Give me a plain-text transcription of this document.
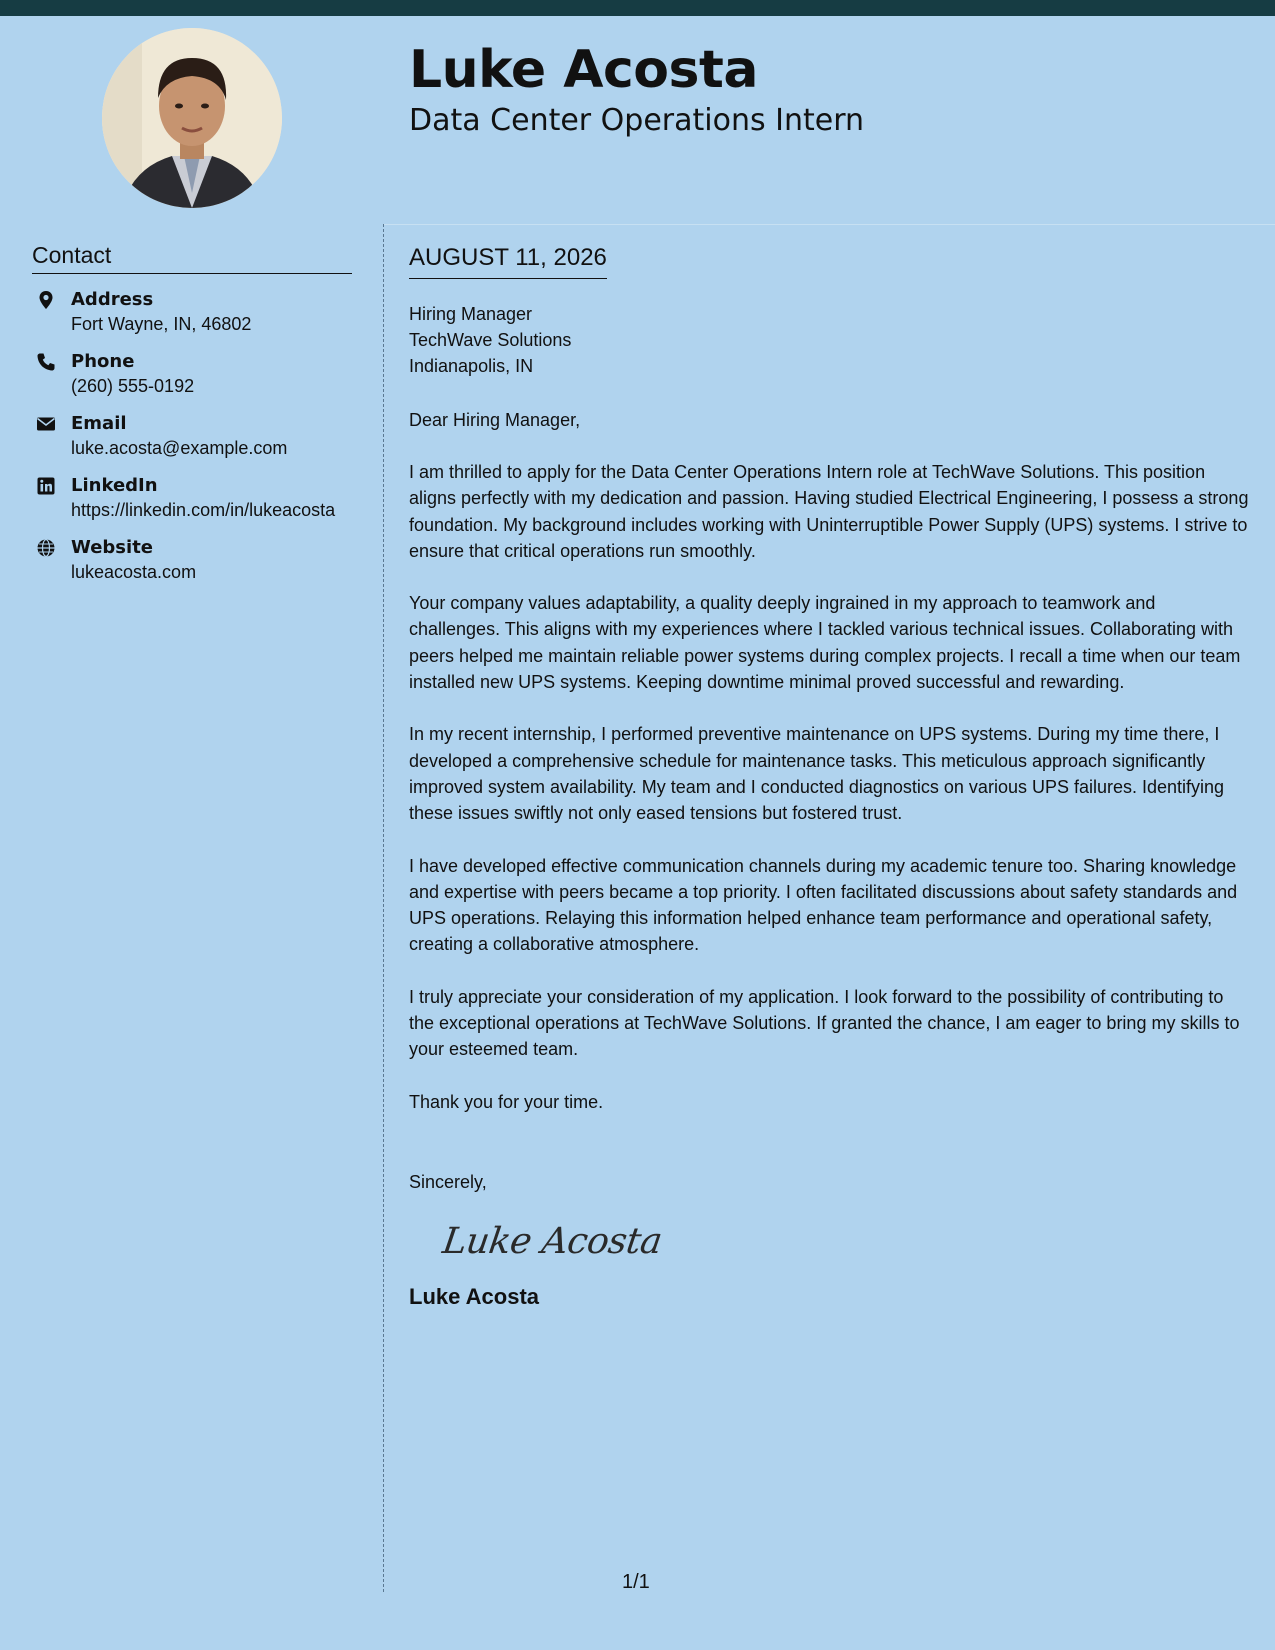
Luke Acosta
Data Center Operations Intern
Contact
Address
Fort Wayne, IN, 46802
Phone
(260) 555-0192
Email
luke.acosta@example.com
LinkedIn
https://linkedin.com/in/lukeacosta
Website
lukeacosta.com
AUGUST 11, 2026
Hiring Manager
TechWave Solutions
Indianapolis, IN
Dear Hiring Manager,
I am thrilled to apply for the Data Center Operations Intern role at TechWave Solutions. This position aligns perfectly with my dedication and passion. Having studied Electrical Engineering, I possess a strong foundation. My background includes working with Uninterruptible Power Supply (UPS) systems. I strive to ensure that critical operations run smoothly.
Your company values adaptability, a quality deeply ingrained in my approach to teamwork and challenges. This aligns with my experiences where I tackled various technical issues. Collaborating with peers helped me maintain reliable power systems during complex projects. I recall a time when our team installed new UPS systems. Keeping downtime minimal proved successful and rewarding.
In my recent internship, I performed preventive maintenance on UPS systems. During my time there, I developed a comprehensive schedule for maintenance tasks. This meticulous approach significantly improved system availability. My team and I conducted diagnostics on various UPS failures. Identifying these issues swiftly not only eased tensions but fostered trust.
I have developed effective communication channels during my academic tenure too. Sharing knowledge and expertise with peers became a top priority. I often facilitated discussions about safety standards and UPS operations. Relaying this information helped enhance team performance and operational safety, creating a collaborative atmosphere.
I truly appreciate your consideration of my application. I look forward to the possibility of contributing to the exceptional operations at TechWave Solutions. If granted the chance, I am eager to bring my skills to your esteemed team.
Thank you for your time.
Sincerely,
Luke Acosta
Luke Acosta
1/1
